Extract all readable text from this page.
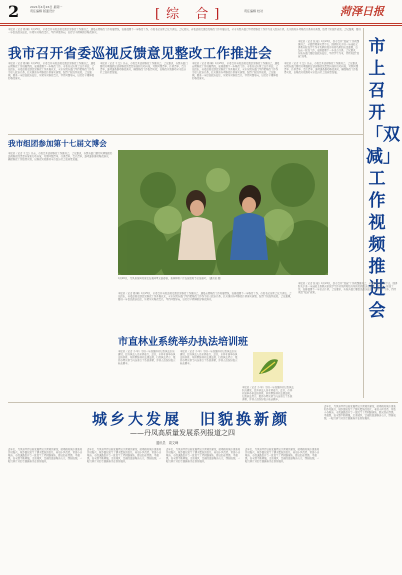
2	2021年4月26日 星期一
责任编辑 版面设计	[综 合]	责任编辑 校对	菏泽日报
本报讯（记者 魏 琳）4月25日，市委召开省委巡视反馈意见整改工作推进会，通报前期整改工作进展情况，安排部署下一步整改工作。市委书记出席会议并讲话。会议指出，省委巡视反馈意见整改工作开展以来，全市各级各部门坚持把整改工作作为重大政治任务，扎实推进各项整改任务落实落细，取得了阶段性成效。会议强调，要进一步提高政治站位，压紧压实整改责任，坚持问题导向，以钉钉子精神抓好整改落实。
我市召开省委巡视反馈意见整改工作推进会
本报讯（记者 魏 琳）4月25日，市委召开省委巡视反馈意见整改工作推进会，通报前期整改工作进展情况，安排部署下一步整改工作。市委书记出席会议并讲话。会议指出，省委巡视反馈意见整改工作开展以来，全市各级各部门坚持把整改工作作为重大政治任务，扎实推进各项整改任务落实落细，取得了阶段性成效。会议强调，要进一步提高政治站位，压紧压实整改责任，坚持问题导向，以钉钉子精神抓好整改落实。
本报讯（记者 王 磊）日前，市委召开巡视整改工作推进会。会议要求，各级各部门要切实增强抓好巡视整改的思想自觉和行动自觉，对照问题清单、任务清单、责任清单，逐项逐条推动整改落实，确保整改工作取得实效，以整改实效推动全市经济社会高质量发展。
本报讯（记者 魏 琳）4月25日，市委召开省委巡视反馈意见整改工作推进会，通报前期整改工作进展情况，安排部署下一步整改工作。市委书记出席会议并讲话。会议指出，省委巡视反馈意见整改工作开展以来，全市各级各部门坚持把整改工作作为重大政治任务，扎实推进各项整改任务落实落细，取得了阶段性成效。会议强调，要进一步提高政治站位，压紧压实整改责任，坚持问题导向，以钉钉子精神抓好整改落实。
本报讯（记者 王 磊）日前，市委召开巡视整改工作推进会。会议要求，各级各部门要切实增强抓好巡视整改的思想自觉和行动自觉，对照问题清单、任务清单、责任清单，逐项逐条推动整改落实，确保整改工作取得实效，以整改实效推动全市经济社会高质量发展。
本报讯（记者 张 敏）4月22日，我市召开“双减”工作视频推进会，全面贯彻落实党中央、国务院关于进一步减轻义务教育阶段学生作业负担和校外培训负担的决策部署，总结前一阶段工作，安排部署下一步重点任务。会议要求，各地各部门要提高政治站位，坚持学生为本，持续巩固“双减”成果。	市上召开「双减」工作视频推进会
本报讯（记者 张 敏）4月22日，我市召开“双减”工作视频推进会，全面贯彻落实党中央、国务院关于进一步减轻义务教育阶段学生作业负担和校外培训负担的决策部署，总结前一阶段工作，安排部署下一步重点任务。会议要求，各地各部门要提高政治站位，坚持学生为本，持续巩固“双减”成果。
我市组团参加第十七届文博会
本报讯（记者 王 磊）日前，市委召开巡视整改工作推进会。会议要求，各级各部门要切实增强抓好巡视整改的思想自觉和行动自觉，对照问题清单、任务清单、责任清单，逐项逐条推动整改落实，确保整改工作取得实效，以整改实效推动全市经济社会高质量发展。
4月20日，丹凤县茶园村茶农在茶园里采摘春茶，茶园种植户正在抢抓时节采摘茶叶。（通讯员 摄）
本报讯（记者 魏 琳）4月25日，市委召开省委巡视反馈意见整改工作推进会，通报前期整改工作进展情况，安排部署下一步整改工作。市委书记出席会议并讲话。会议指出，省委巡视反馈意见整改工作开展以来，全市各级各部门坚持把整改工作作为重大政治任务，扎实推进各项整改任务落实落细，取得了阶段性成效。会议强调，要进一步提高政治站位，压紧压实整改责任，坚持问题导向，以钉钉子精神抓好整改落实。
市直林业系统举办执法培训班
本报讯（记者 李 华）为进一步加强林业行政执法队伍建设，提升执法人员业务能力，近日，市林业局举办执法培训班。培训围绕林业法律法规、行政执法程序、案件办理实务等内容进行了系统讲解，参训人员纷纷表示收获颇丰。
本报讯（记者 李 华）为进一步加强林业行政执法队伍建设，提升执法人员业务能力，近日，市林业局举办执法培训班。培训围绕林业法律法规、行政执法程序、案件办理实务等内容进行了系统讲解，参训人员纷纷表示收获颇丰。
本报讯（记者 李 华）为进一步加强林业行政执法队伍建设，提升执法人员业务能力，近日，市林业局举办执法培训班。培训围绕林业法律法规、行政执法程序、案件办理实务等内容进行了系统讲解，参训人员纷纷表示收获颇丰。
城乡大发展　旧貌换新颜
——丹凤高质量发展系列报道之四
通讯员　周文峰
近年来，丹凤县坚持以新发展理念引领城乡建设，统筹推进城市更新和乡村振兴，城乡面貌发生了翻天覆地的变化。老旧小区改造、背街小巷整治、市政道路提升等一批民生工程相继落地，群众的获得感、幸福感、安全感不断增强。走进城区，宽阔的街道整洁有序，绿树成荫，一幅宜居宜业的美丽画卷正在徐徐展开。
近年来，丹凤县坚持以新发展理念引领城乡建设，统筹推进城市更新和乡村振兴，城乡面貌发生了翻天覆地的变化。老旧小区改造、背街小巷整治、市政道路提升等一批民生工程相继落地，群众的获得感、幸福感、安全感不断增强。走进城区，宽阔的街道整洁有序，绿树成荫，一幅宜居宜业的美丽画卷正在徐徐展开。
近年来，丹凤县坚持以新发展理念引领城乡建设，统筹推进城市更新和乡村振兴，城乡面貌发生了翻天覆地的变化。老旧小区改造、背街小巷整治、市政道路提升等一批民生工程相继落地，群众的获得感、幸福感、安全感不断增强。走进城区，宽阔的街道整洁有序，绿树成荫，一幅宜居宜业的美丽画卷正在徐徐展开。
近年来，丹凤县坚持以新发展理念引领城乡建设，统筹推进城市更新和乡村振兴，城乡面貌发生了翻天覆地的变化。老旧小区改造、背街小巷整治、市政道路提升等一批民生工程相继落地，群众的获得感、幸福感、安全感不断增强。走进城区，宽阔的街道整洁有序，绿树成荫，一幅宜居宜业的美丽画卷正在徐徐展开。
近年来，丹凤县坚持以新发展理念引领城乡建设，统筹推进城市更新和乡村振兴，城乡面貌发生了翻天覆地的变化。老旧小区改造、背街小巷整治、市政道路提升等一批民生工程相继落地，群众的获得感、幸福感、安全感不断增强。走进城区，宽阔的街道整洁有序，绿树成荫，一幅宜居宜业的美丽画卷正在徐徐展开。
